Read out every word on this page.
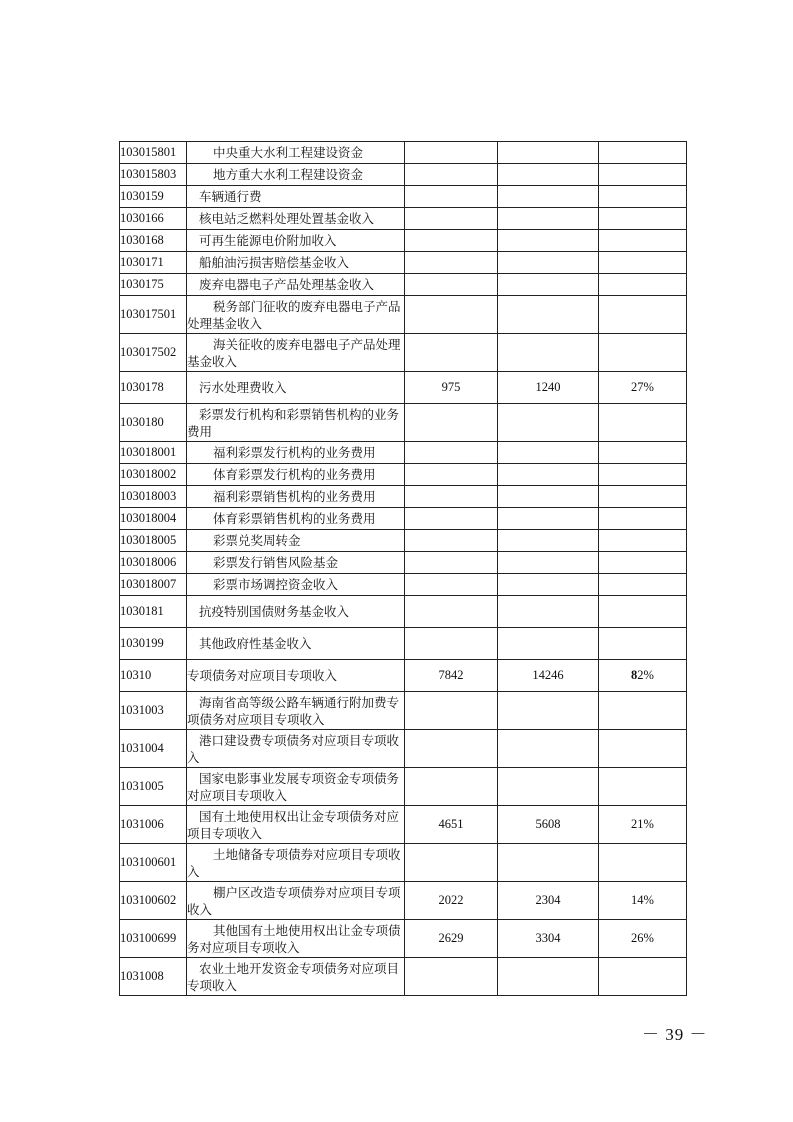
103015801	中央重大水利工程建设资金			
103015803	地方重大水利工程建设资金			
1030159	车辆通行费			
1030166	核电站乏燃料处理处置基金收入			
1030168	可再生能源电价附加收入			
1030171	船舶油污损害赔偿基金收入			
1030175	废弃电器电子产品处理基金收入			
103017501	税务部门征收的废弃电器电子产品处理基金收入			
103017502	海关征收的废弃电器电子产品处理基金收入			
1030178	污水处理费收入	975	1240	27%
1030180	彩票发行机构和彩票销售机构的业务费用			
103018001	福利彩票发行机构的业务费用			
103018002	体育彩票发行机构的业务费用			
103018003	福利彩票销售机构的业务费用			
103018004	体育彩票销售机构的业务费用			
103018005	彩票兑奖周转金			
103018006	彩票发行销售风险基金			
103018007	彩票市场调控资金收入			
1030181	抗疫特别国债财务基金收入			
1030199	其他政府性基金收入			
10310	专项债务对应项目专项收入	7842	14246	82%
1031003	海南省高等级公路车辆通行附加费专项债务对应项目专项收入			
1031004	港口建设费专项债务对应项目专项收入			
1031005	国家电影事业发展专项资金专项债务对应项目专项收入			
1031006	国有土地使用权出让金专项债务对应项目专项收入	4651	5608	21%
103100601	土地储备专项债券对应项目专项收入			
103100602	棚户区改造专项债券对应项目专项收入	2022	2304	14%
103100699	其他国有土地使用权出让金专项债务对应项目专项收入	2629	3304	26%
1031008	农业土地开发资金专项债务对应项目专项收入			
－ 39 －
